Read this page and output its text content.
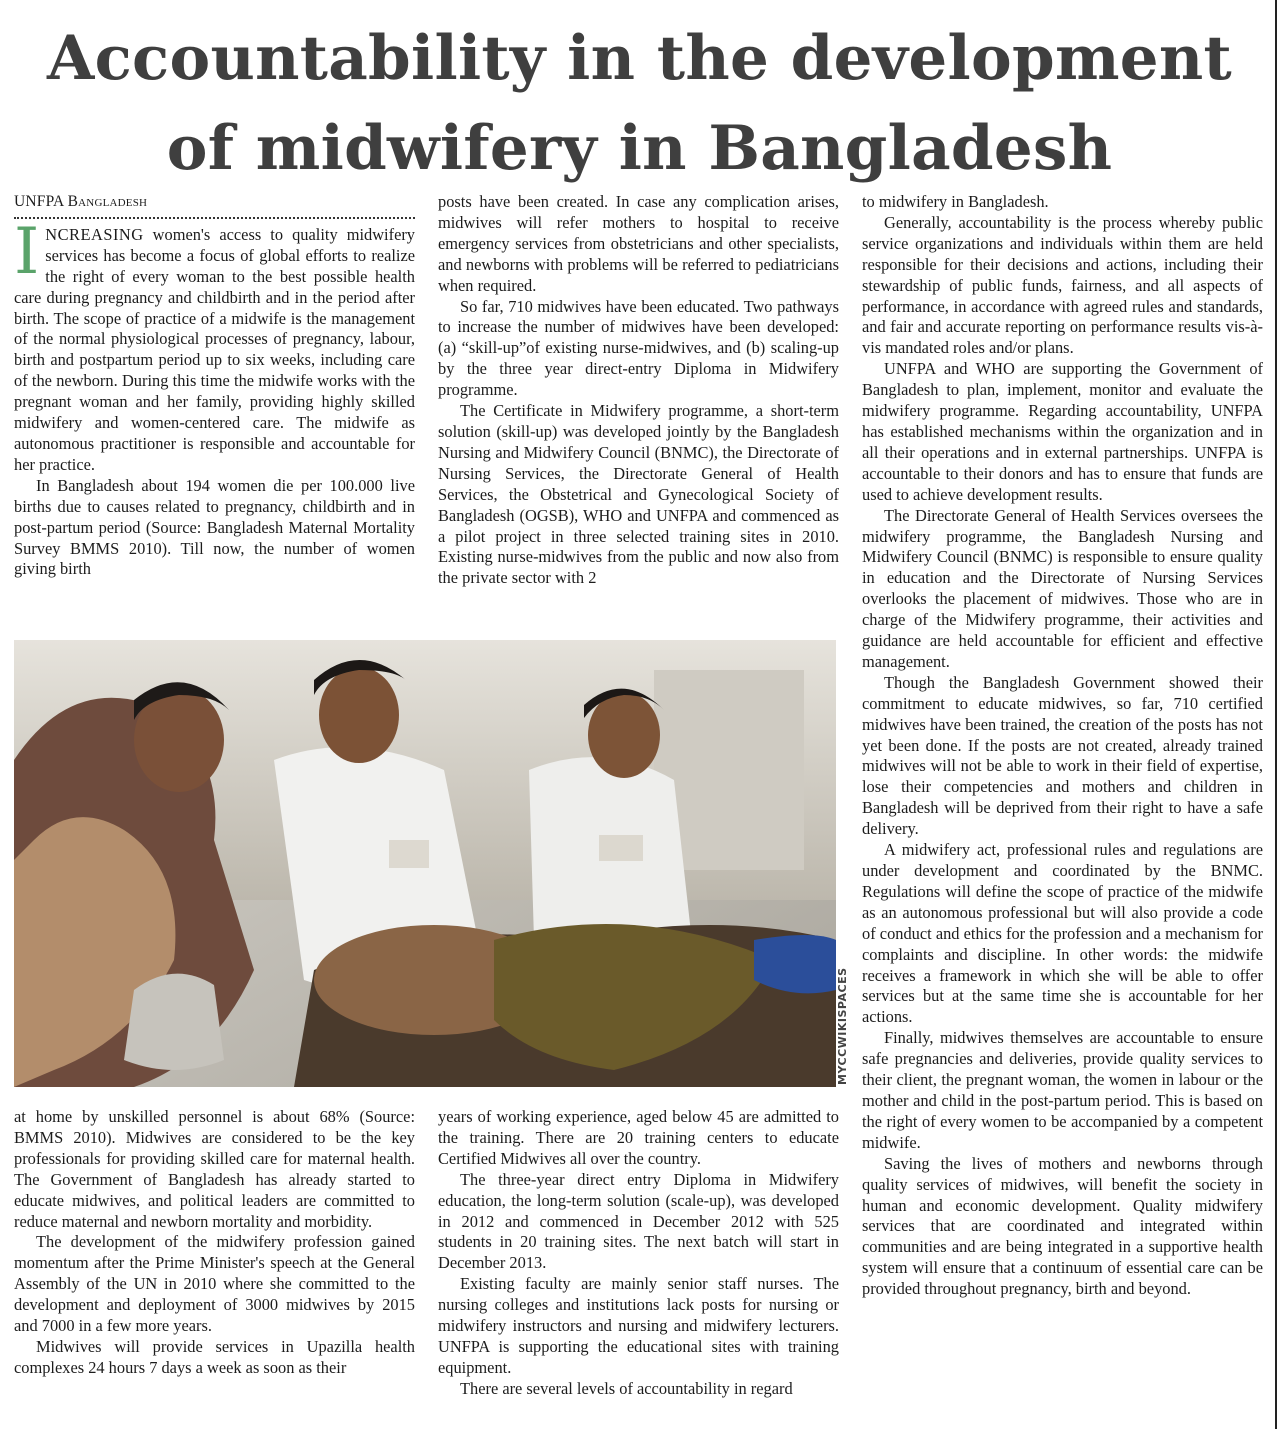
Accountability in the development
of midwifery in Bangladesh
UNFPA Bangladesh

INCREASING women's access to quality midwifery services has become a focus of global efforts to realize the right of every woman to the best possible health care during pregnancy and childbirth and in the period after birth. The scope of practice of a midwife is the management of the normal physiological processes of pregnancy, labour, birth and postpartum period up to six weeks, including care of the newborn. During this time the midwife works with the pregnant woman and her family, providing highly skilled midwifery and women-centered care. The midwife as autonomous practitioner is responsible and accountable for her practice.

In Bangladesh about 194 women die per 100.000 live births due to causes related to pregnancy, childbirth and in post-partum period (Source: Bangladesh Maternal Mortality Survey BMMS 2010). Till now, the number of women giving birth

posts have been created. In case any complication arises, midwives will refer mothers to hospital to receive emergency services from obstetricians and other specialists, and newborns with problems will be referred to pediatricians when required.

So far, 710 midwives have been educated. Two pathways to increase the number of midwives have been developed: (a) “skill-up”of existing nurse-midwives, and (b) scaling-up by the three year direct-entry Diploma in Midwifery programme.

The Certificate in Midwifery programme, a short-term solution (skill-up) was developed jointly by the Bangladesh Nursing and Midwifery Council (BNMC), the Directorate of Nursing Services, the Directorate General of Health Services, the Obstetrical and Gynecological Society of Bangladesh (OGSB), WHO and UNFPA and commenced as a pilot project in three selected training sites in 2010. Existing nurse-midwives from the public and now also from the private sector with 2

to midwifery in Bangladesh.

Generally, accountability is the process whereby public service organizations and individuals within them are held responsible for their decisions and actions, including their stewardship of public funds, fairness, and all aspects of performance, in accordance with agreed rules and standards, and fair and accurate reporting on performance results vis-à-vis mandated roles and/or plans.

UNFPA and WHO are supporting the Government of Bangladesh to plan, implement, monitor and evaluate the midwifery programme. Regarding accountability, UNFPA has established mechanisms within the organization and in all their operations and in external partnerships. UNFPA is accountable to their donors and has to ensure that funds are used to achieve development results.

The Directorate General of Health Services oversees the midwifery programme, the Bangladesh Nursing and Midwifery Council (BNMC) is responsible to ensure quality in education and the Directorate of Nursing Services overlooks the placement of midwives. Those who are in charge of the Midwifery programme, their activities and guidance are held accountable for efficient and effective management.

Though the Bangladesh Government showed their commitment to educate midwives, so far, 710 certified midwives have been trained, the creation of the posts has not yet been done. If the posts are not created, already trained midwives will not be able to work in their field of expertise, lose their competencies and mothers and children in Bangladesh will be deprived from their right to have a safe delivery.

A midwifery act, professional rules and regulations are under development and coordinated by the BNMC. Regulations will define the scope of practice of the midwife as an autonomous professional but will also provide a code of conduct and ethics for the profession and a mechanism for complaints and discipline. In other words: the midwife receives a framework in which she will be able to offer services but at the same time she is accountable for her actions.

Finally, midwives themselves are accountable to ensure safe pregnancies and deliveries, provide quality services to their client, the pregnant woman, the women in labour or the mother and child in the post-partum period. This is based on the right of every women to be accompanied by a competent midwife.

Saving the lives of mothers and newborns through quality services of midwives, will benefit the society in human and economic development. Quality midwifery services that are coordinated and integrated within communities and are being integrated in a supportive health system will ensure that a continuum of essential care can be provided throughout pregnancy, birth and beyond.

MYCCWIKISPACES

at home by unskilled personnel is about 68% (Source: BMMS 2010). Midwives are considered to be the key professionals for providing skilled care for maternal health. The Government of Bangladesh has already started to educate midwives, and political leaders are committed to reduce maternal and newborn mortality and morbidity.

The development of the midwifery profession gained momentum after the Prime Minister's speech at the General Assembly of the UN in 2010 where she committed to the development and deployment of 3000 midwives by 2015 and 7000 in a few more years.

Midwives will provide services in Upazilla health complexes 24 hours 7 days a week as soon as their

years of working experience, aged below 45 are admitted to the training. There are 20 training centers to educate Certified Midwives all over the country.

The three-year direct entry Diploma in Midwifery education, the long-term solution (scale-up), was developed in 2012 and commenced in December 2012 with 525 students in 20 training sites. The next batch will start in December 2013.

Existing faculty are mainly senior staff nurses. The nursing colleges and institutions lack posts for nursing or midwifery instructors and nursing and midwifery lecturers. UNFPA is supporting the educational sites with training equipment.

There are several levels of accountability in regard
